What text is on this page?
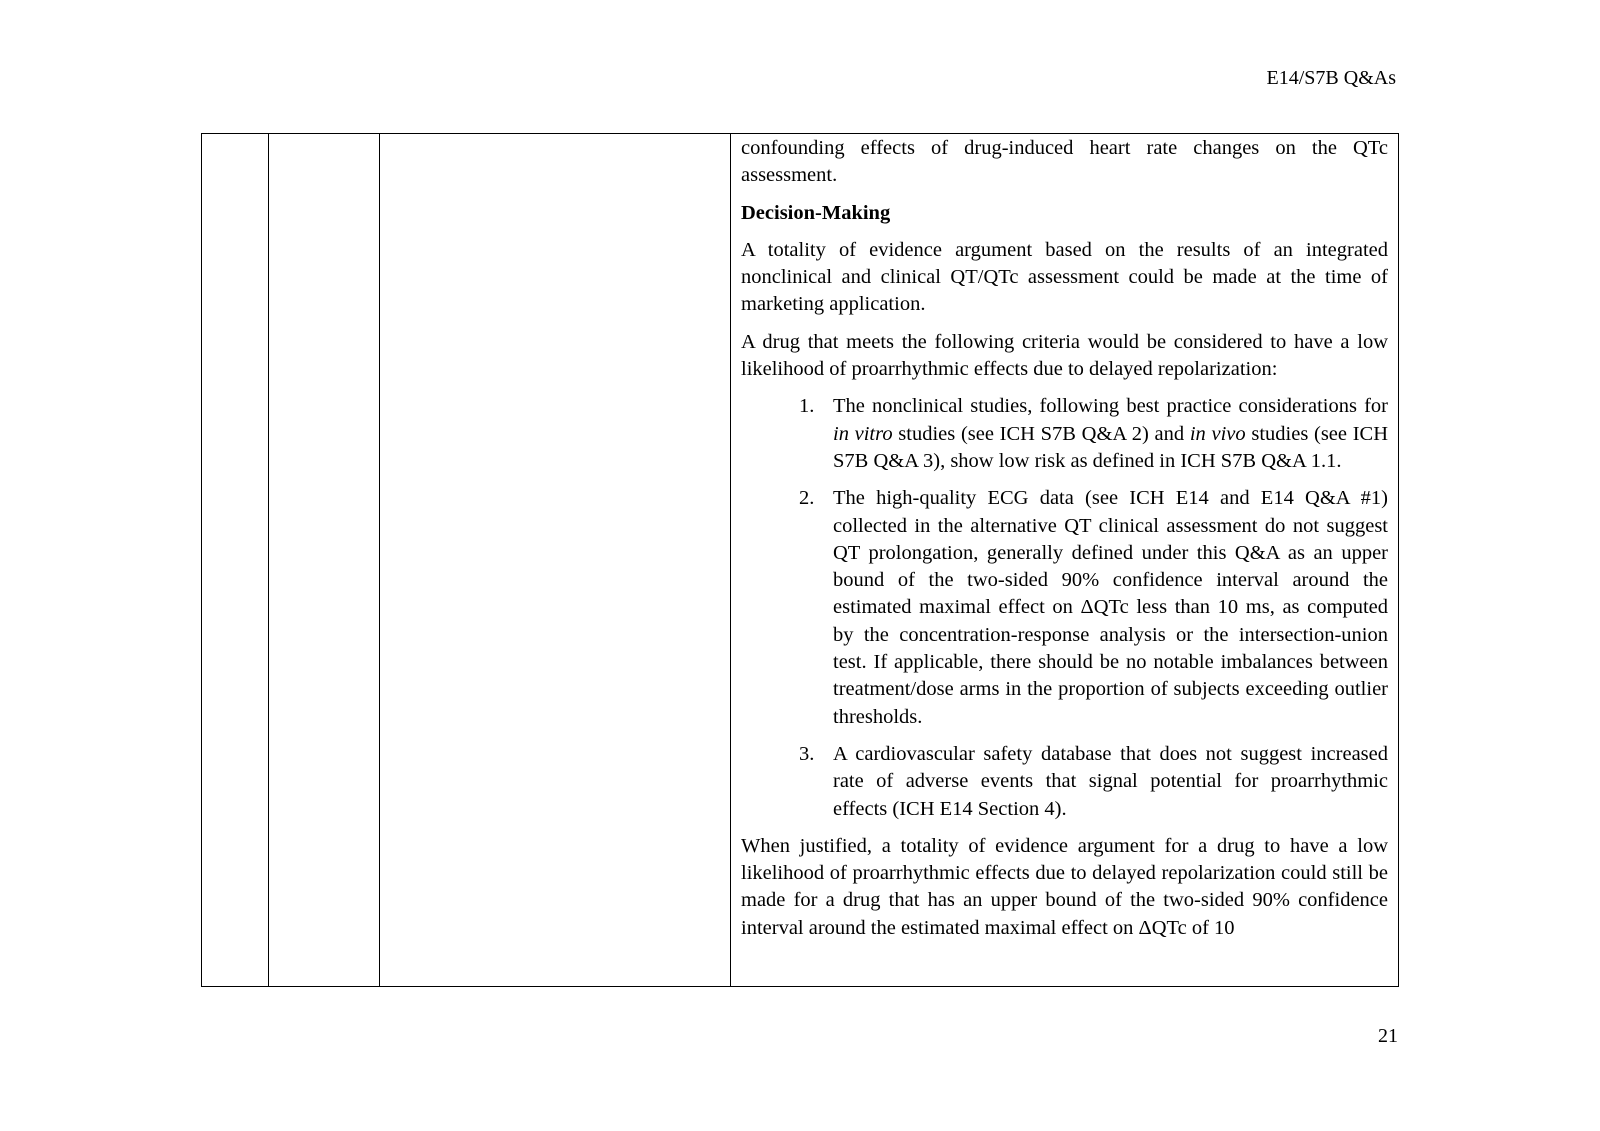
E14/S7B Q&As

confounding effects of drug-induced heart rate changes on the QTc assessment.

Decision-Making

A totality of evidence argument based on the results of an integrated nonclinical and clinical QT/QTc assessment could be made at the time of marketing application.

A drug that meets the following criteria would be considered to have a low likelihood of proarrhythmic effects due to delayed repolarization:

1. The nonclinical studies, following best practice considerations for in vitro studies (see ICH S7B Q&A 2) and in vivo studies (see ICH S7B Q&A 3), show low risk as defined in ICH S7B Q&A 1.1.
2. The high-quality ECG data (see ICH E14 and E14 Q&A #1) collected in the alternative QT clinical assessment do not suggest QT prolongation, generally defined under this Q&A as an upper bound of the two-sided 90% confidence interval around the estimated maximal effect on ΔQTc less than 10 ms, as computed by the concentration-response analysis or the intersection-union test. If applicable, there should be no notable imbalances between treatment/dose arms in the proportion of subjects exceeding outlier thresholds.
3. A cardiovascular safety database that does not suggest increased rate of adverse events that signal potential for proarrhythmic effects (ICH E14 Section 4).

When justified, a totality of evidence argument for a drug to have a low likelihood of proarrhythmic effects due to delayed repolarization could still be made for a drug that has an upper bound of the two-sided 90% confidence interval around the estimated maximal effect on ΔQTc of 10

21
